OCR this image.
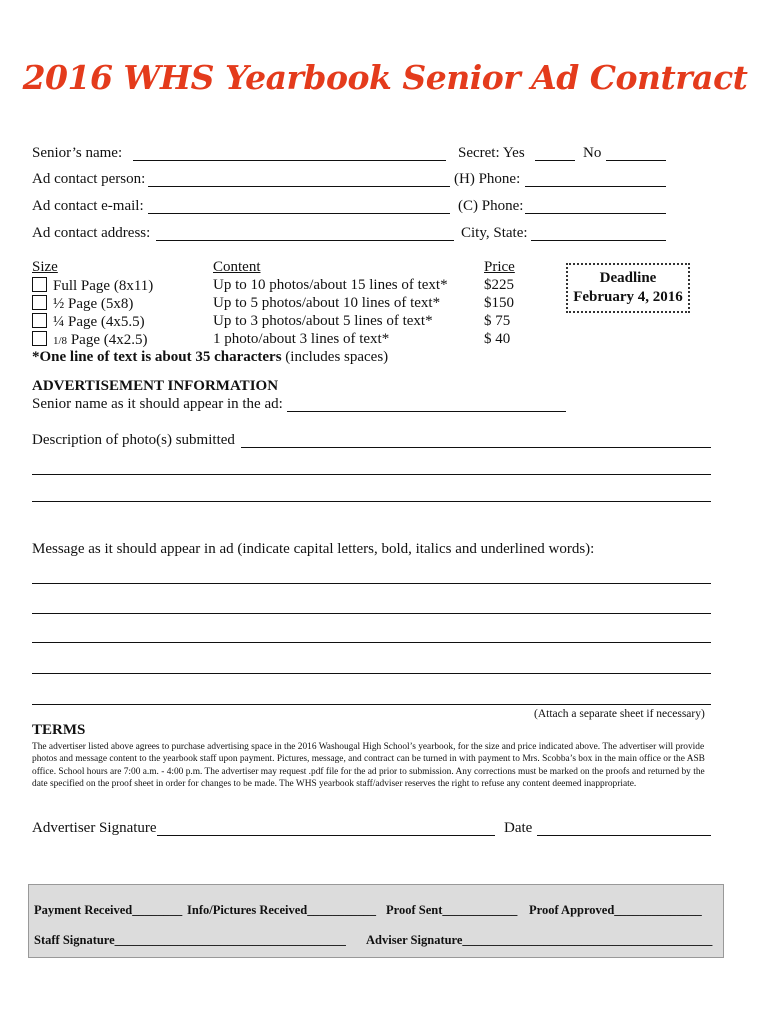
2016 WHS Yearbook Senior Ad Contract
Senior’s name:	Secret: Yes	No
Ad contact person:	(H) Phone:
Ad contact e-mail:	(C) Phone:
Ad contact address:	City, State:
Size	Content	Price
Full Page (8x11)	Up to 10 photos/about 15 lines of text* $225
½ Page (5x8)	Up to 5 photos/about 10 lines of text*	$150
¼ Page (4x5.5)	Up to 3 photos/about 5 lines of text*	$ 75
1/8 Page (4x2.5)	1 photo/about 3 lines of text*	$ 40
*One line of text is about 35 characters (includes spaces)
Deadline
February 4, 2016
ADVERTISEMENT INFORMATION
Senior name as it should appear in the ad:
Description of photo(s) submitted
Message as it should appear in ad (indicate capital letters, bold, italics and underlined words):
(Attach a separate sheet if necessary)
TERMS
The advertiser listed above agrees to purchase advertising space in the 2016 Washougal High School’s yearbook, for the size and price indicated above. The advertiser will provide photos and message content to the yearbook staff upon payment. Pictures, message, and contract can be turned in with payment to Mrs. Scobba’s box in the main office or the ASB office. School hours are 7:00 a.m. - 4:00 p.m. The advertiser may request .pdf file for the ad prior to submission. Any corrections must be marked on the proofs and returned by the date specified on the proof sheet in order for changes to be made. The WHS yearbook staff/adviser reserves the right to refuse any content deemed inappropriate.
Advertiser Signature	Date
Payment Received________ Info/Pictures Received___________ Proof Sent____________ Proof Approved______________
Staff Signature_____________________________________ Adviser Signature________________________________________
